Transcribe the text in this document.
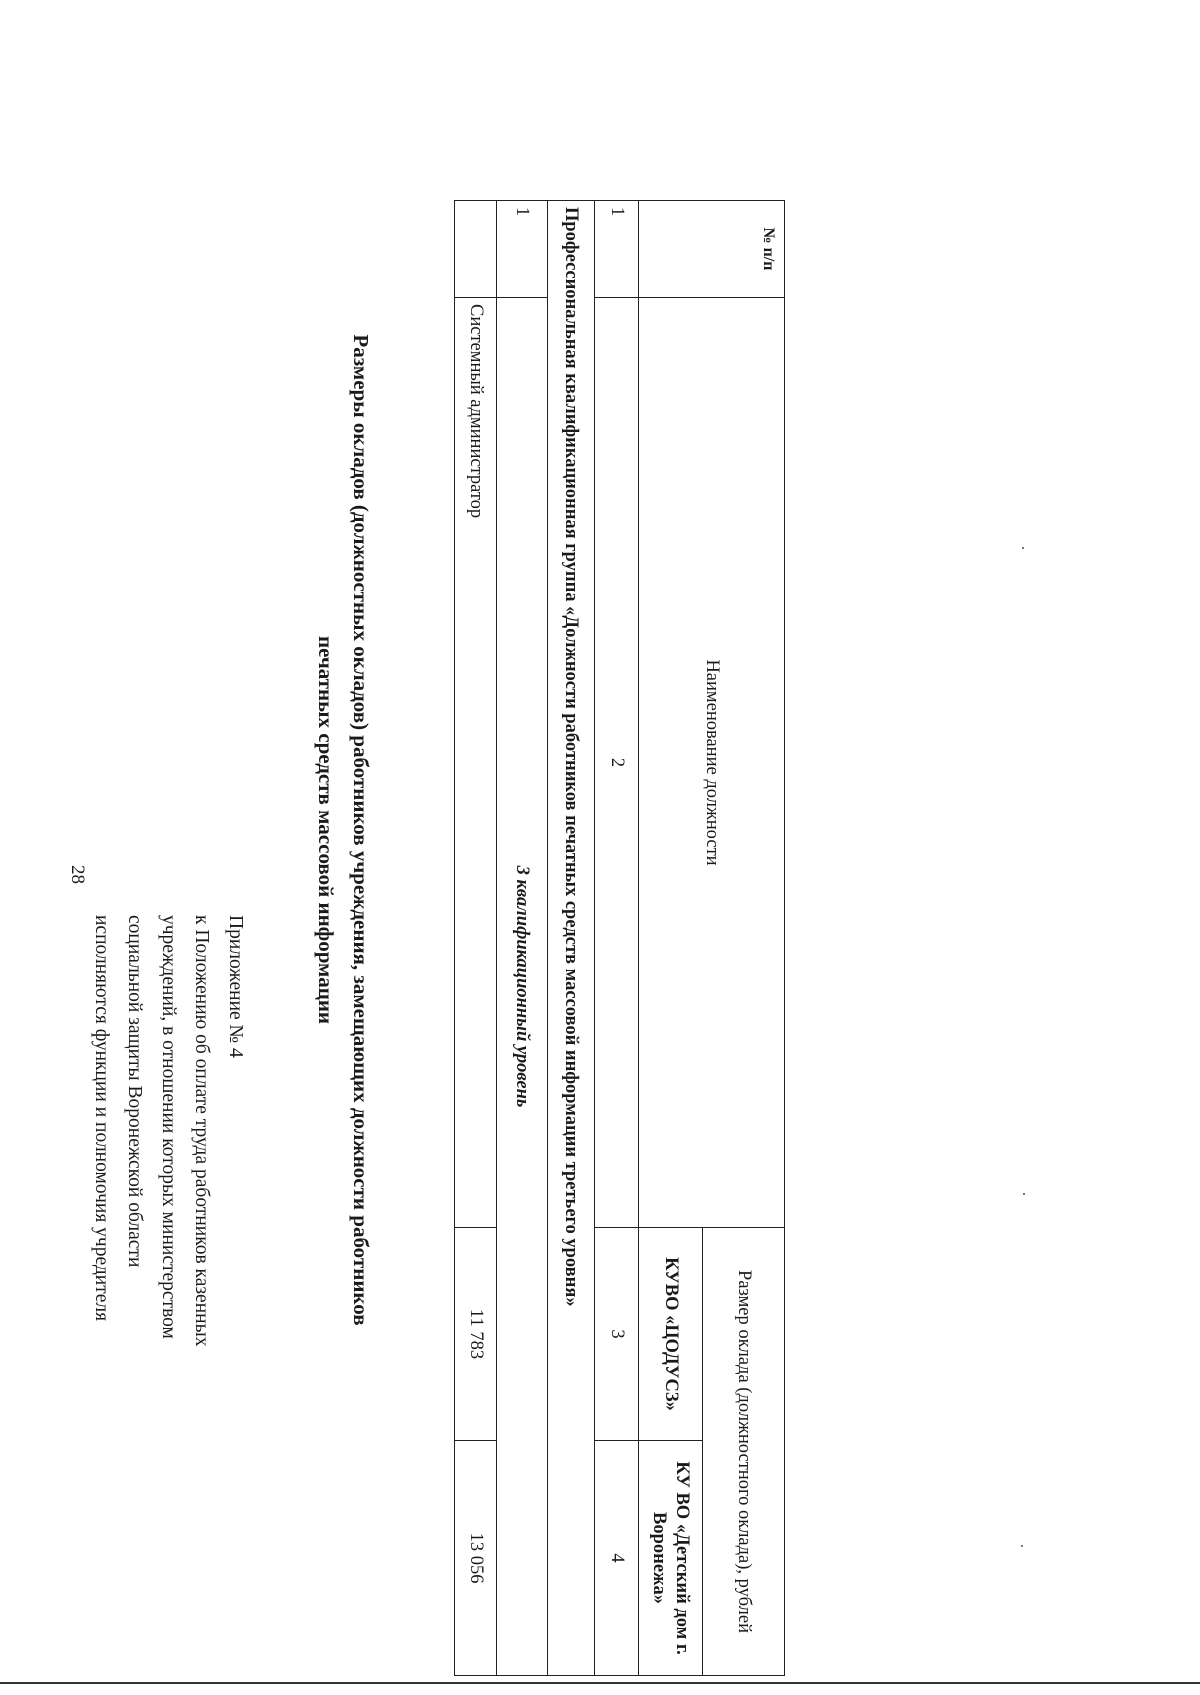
28
Приложение № 4
к Положению об оплате труда работников казенных
учреждений, в отношении которых министерством
социальной защиты Воронежской области
исполняются функции и полномочия учредителя	Размеры окладов (должностных окладов) работников учреждения, замещающих должности работников
печатных средств массовой информации
№ п/п	Наименование должности	Размер оклада (должностного оклада), рублей	
		КУВО «ЦОДУСЗ»	КУ ВО «Детский дом г. Воронежа»
1	2	3	4
Профессиональная квалификационная группа «Должности работников печатных средств массовой информации третьего уровня»			
1	3 квалификационный уровень		
	Системный администратор	11 783	13 056
